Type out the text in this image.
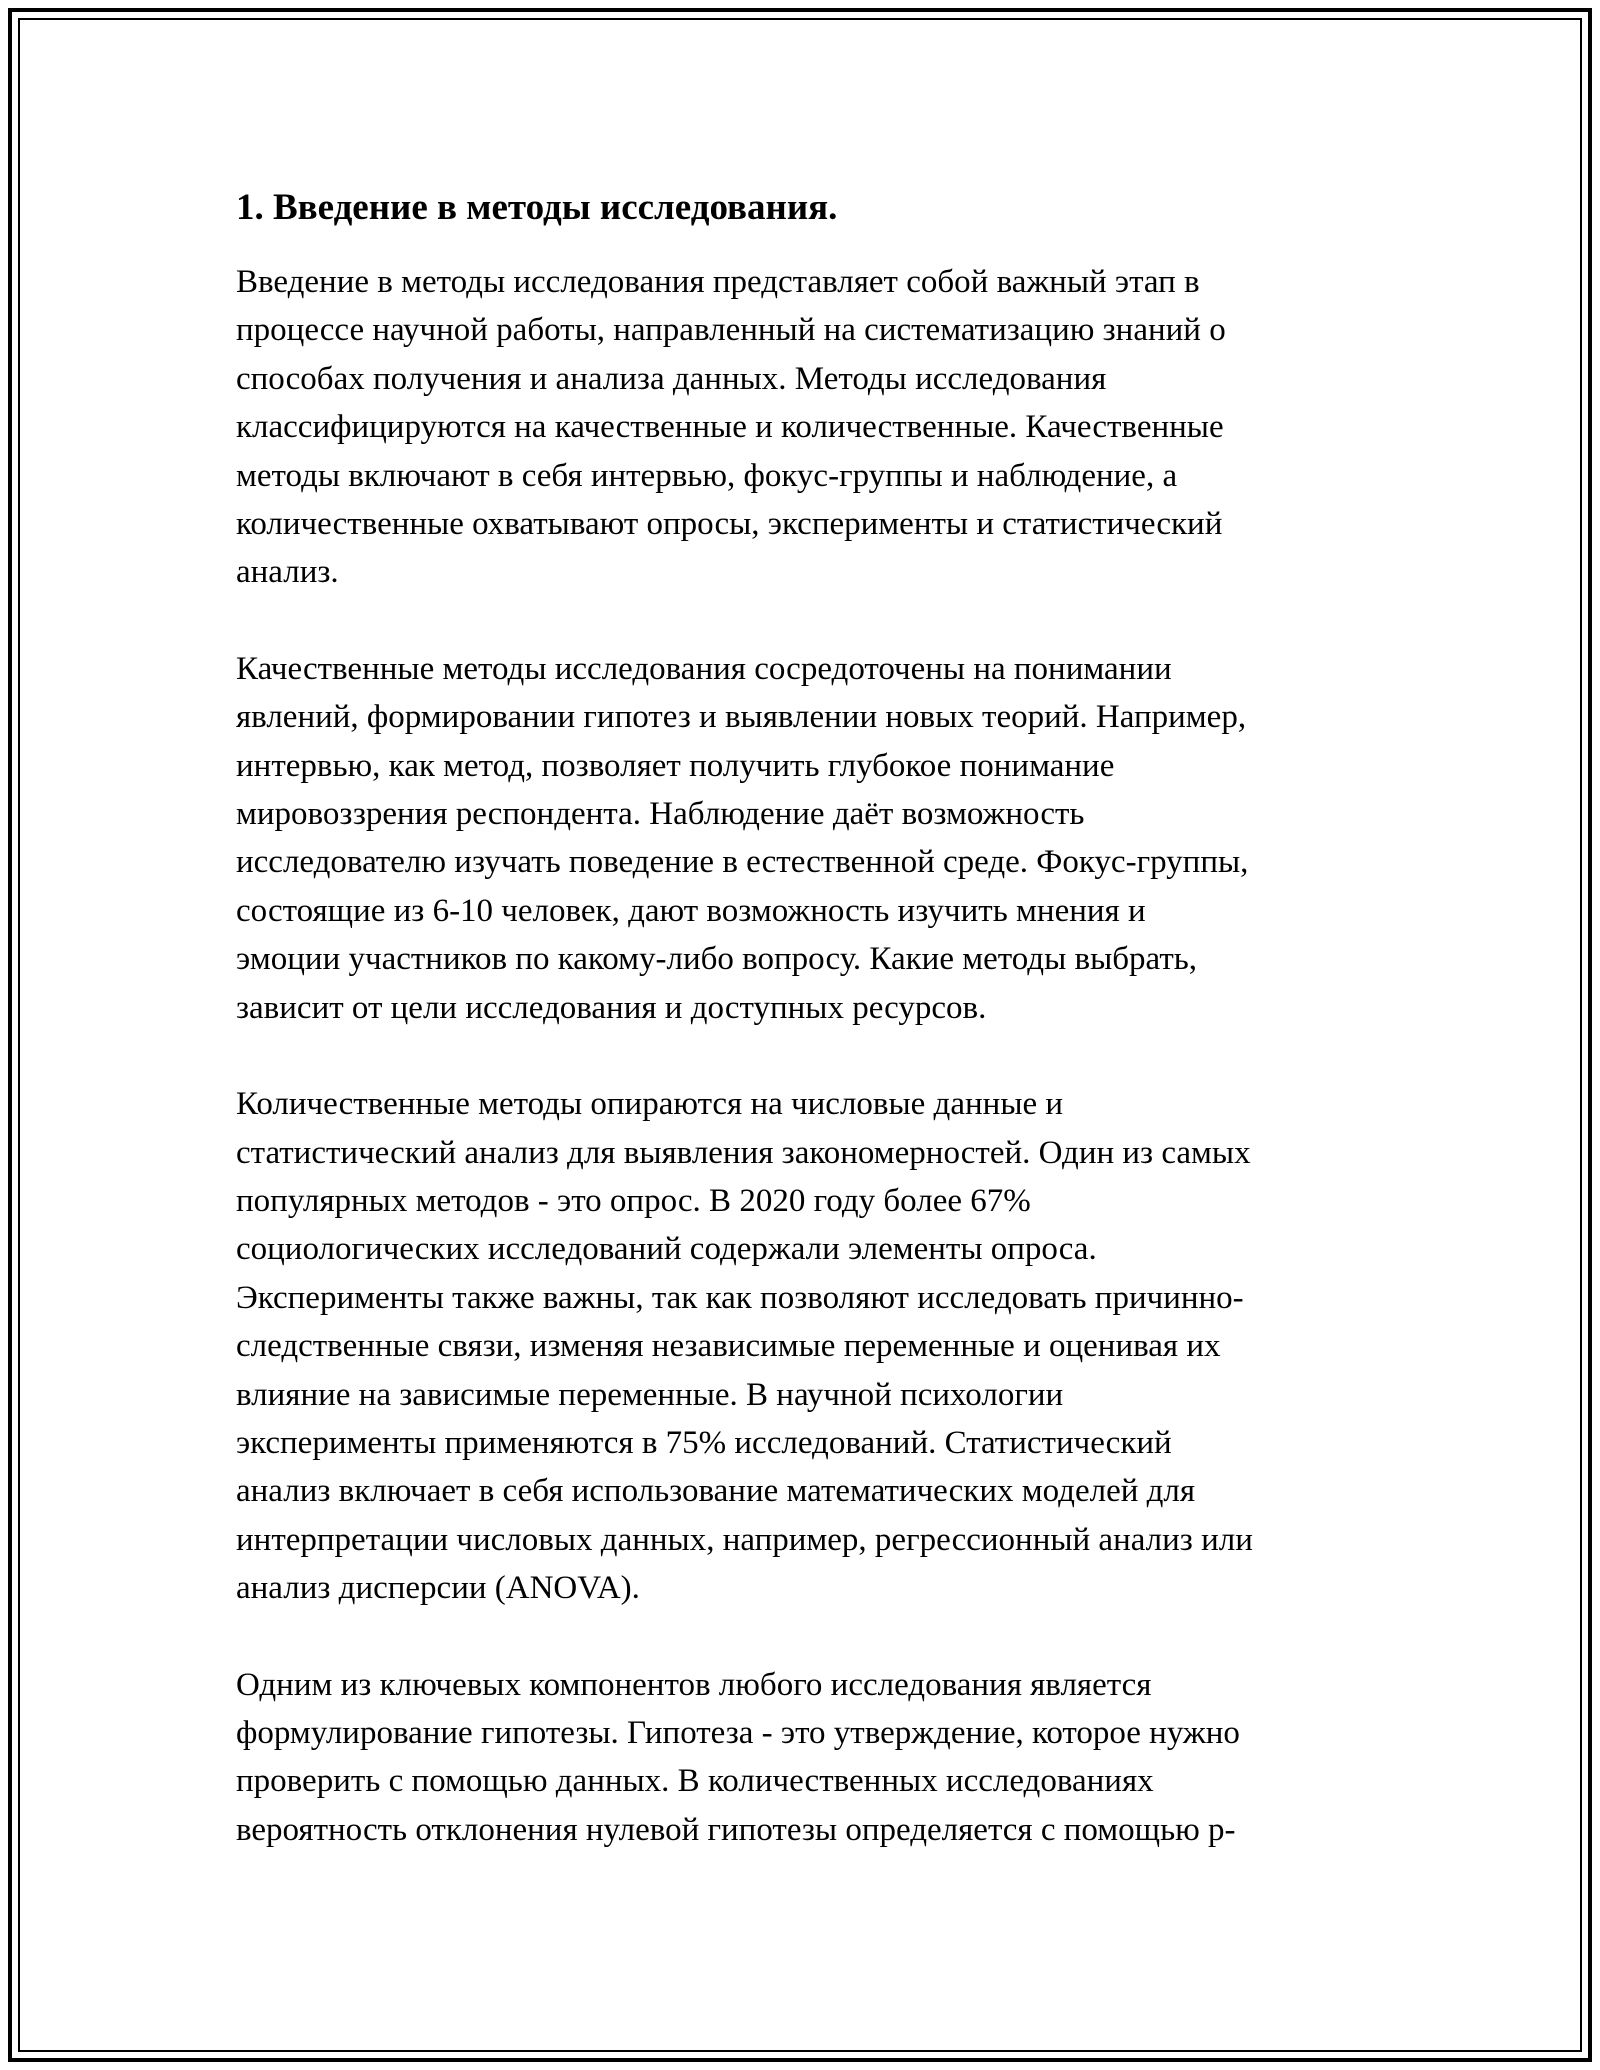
1. Введение в методы исследования.

Введение в методы исследования представляет собой важный этап в
процессе научной работы, направленный на систематизацию знаний о
способах получения и анализа данных. Методы исследования
классифицируются на качественные и количественные. Качественные
методы включают в себя интервью, фокус-группы и наблюдение, а
количественные охватывают опросы, эксперименты и статистический
анализ.

Качественные методы исследования сосредоточены на понимании
явлений, формировании гипотез и выявлении новых теорий. Например,
интервью, как метод, позволяет получить глубокое понимание
мировоззрения респондента. Наблюдение даёт возможность
исследователю изучать поведение в естественной среде. Фокус-группы,
состоящие из 6-10 человек, дают возможность изучить мнения и
эмоции участников по какому-либо вопросу. Какие методы выбрать,
зависит от цели исследования и доступных ресурсов.

Количественные методы опираются на числовые данные и
статистический анализ для выявления закономерностей. Один из самых
популярных методов - это опрос. В 2020 году более 67%
социологических исследований содержали элементы опроса.
Эксперименты также важны, так как позволяют исследовать причинно-
следственные связи, изменяя независимые переменные и оценивая их
влияние на зависимые переменные. В научной психологии
эксперименты применяются в 75% исследований. Статистический
анализ включает в себя использование математических моделей для
интерпретации числовых данных, например, регрессионный анализ или
анализ дисперсии (ANOVA).

Одним из ключевых компонентов любого исследования является
формулирование гипотезы. Гипотеза - это утверждение, которое нужно
проверить с помощью данных. В количественных исследованиях
вероятность отклонения нулевой гипотезы определяется с помощью p-
